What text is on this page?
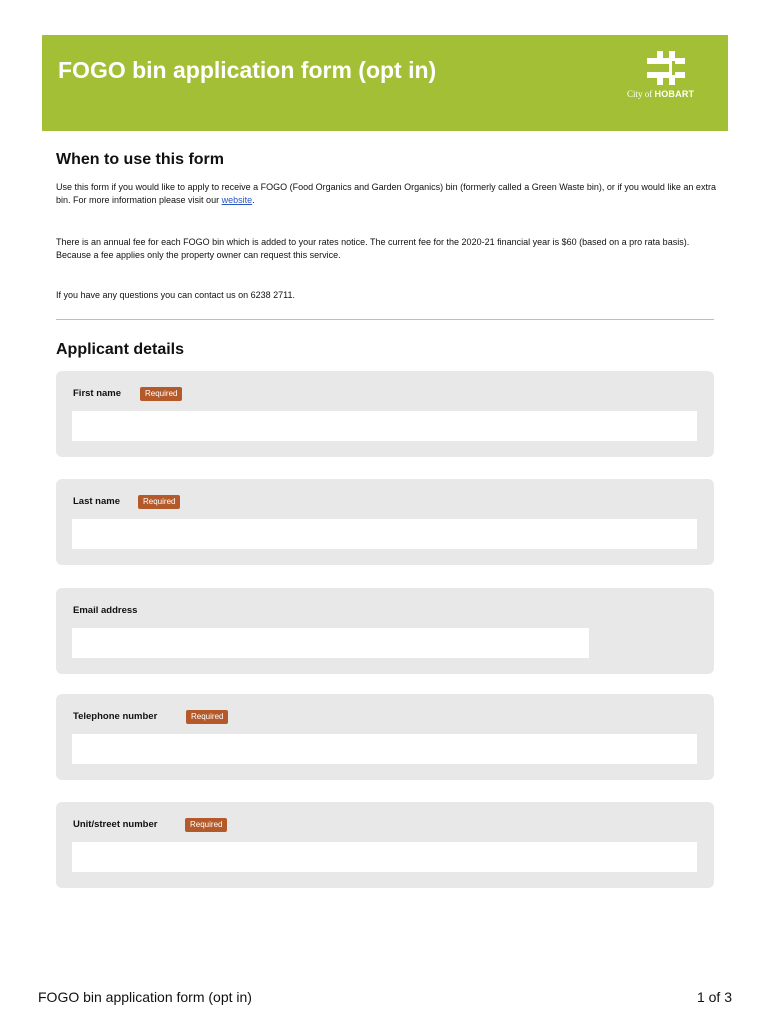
FOGO bin application form (opt in)
City of HOBART
When to use this form
Use this form if you would like to apply to receive a FOGO (Food Organics and Garden Organics) bin (formerly called a Green Waste bin), or if you would like an extra bin. For more information please visit our website.
There is an annual fee for each FOGO bin which is added to your rates notice. The current fee for the 2020-21 financial year is $60 (based on a pro rata basis). Because a fee applies only the property owner can request this service.
If you have any questions you can contact us on 6238 2711.
Applicant details
First name	Required
Last name	Required
Email address
Telephone number	Required
Unit/street number	Required
FOGO bin application form (opt in)	1 of 3
